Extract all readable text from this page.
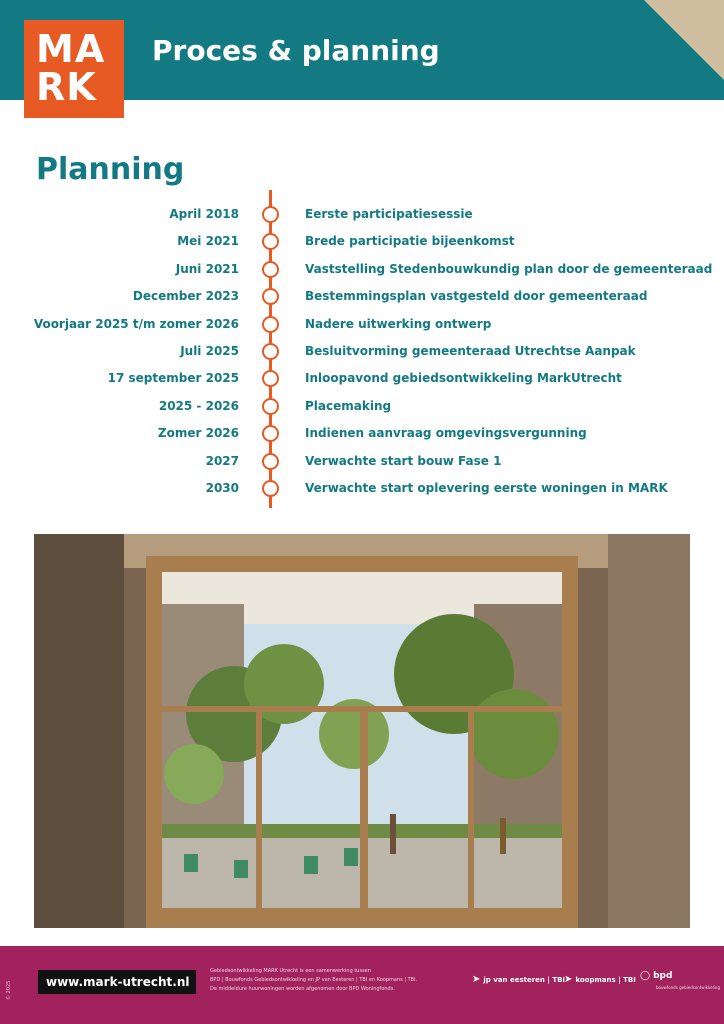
MA
RK
Proces & planning
Planning
April 2018	Eerste participatiesessie
Mei 2021	Brede participatie bijeenkomst
Juni 2021	Vaststelling Stedenbouwkundig plan door de gemeenteraad
December 2023	Bestemmingsplan vastgesteld door gemeenteraad
Voorjaar 2025 t/m zomer 2026	Nadere uitwerking ontwerp
Juli 2025	Besluitvorming gemeenteraad Utrechtse Aanpak
17 september 2025	Inloopavond gebiedsontwikkeling MarkUtrecht
2025 - 2026	Placemaking
Zomer 2026	Indienen aanvraag omgevingsvergunning
2027	Verwachte start bouw Fase 1
2030	Verwachte start oplevering eerste woningen in MARK
www.mark-utrecht.nl
Gebiedsontwikkeling MARK Utrecht is een samenwerking tussen
BPD | Bouwfonds Gebiedsontwikkeling en JP van Eesteren | TBI en Koopmans | TBI.
De middeldure huurwoningen worden afgenomen door BPD Woningfonds.
➤ jp van eesteren | TBI
➤ koopmans | TBI ◯ bpd
bouwfonds gebiedsontwikkeling
© 2025
